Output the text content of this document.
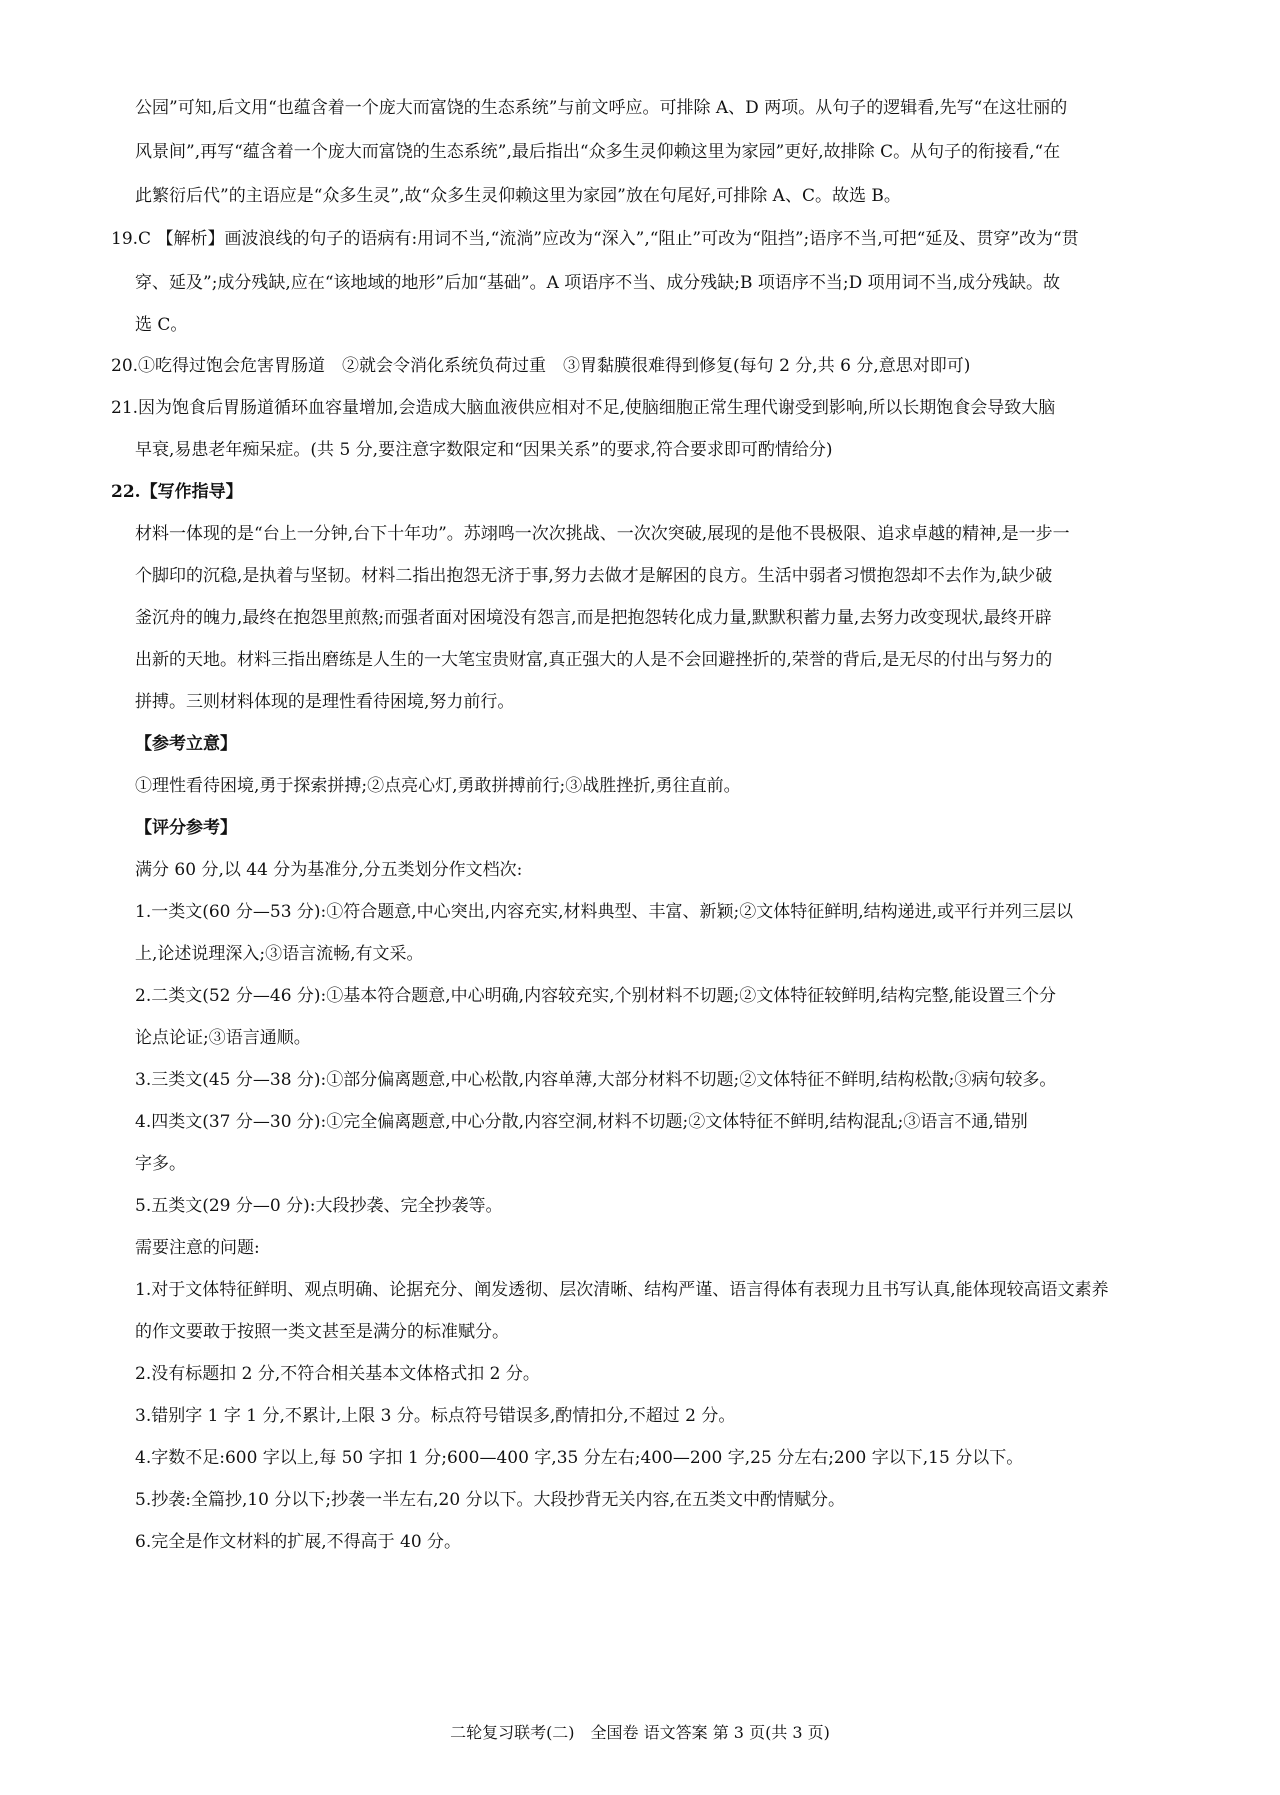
公园”可知,后文用“也蕴含着一个庞大而富饶的生态系统”与前文呼应。可排除 A、D 两项。从句子的逻辑看,先写“在这壮丽的
风景间”,再写“蕴含着一个庞大而富饶的生态系统”,最后指出“众多生灵仰赖这里为家园”更好,故排除 C。从句子的衔接看,“在
此繁衍后代”的主语应是“众多生灵”,故“众多生灵仰赖这里为家园”放在句尾好,可排除 A、C。故选 B。
19.C 【解析】画波浪线的句子的语病有:用词不当,“流淌”应改为“深入”,“阻止”可改为“阻挡”;语序不当,可把“延及、贯穿”改为“贯
穿、延及”;成分残缺,应在“该地域的地形”后加“基础”。A 项语序不当、成分残缺;B 项语序不当;D 项用词不当,成分残缺。故
选 C。
20.①吃得过饱会危害胃肠道　②就会令消化系统负荷过重　③胃黏膜很难得到修复(每句 2 分,共 6 分,意思对即可)
21.因为饱食后胃肠道循环血容量增加,会造成大脑血液供应相对不足,使脑细胞正常生理代谢受到影响,所以长期饱食会导致大脑
早衰,易患老年痴呆症。(共 5 分,要注意字数限定和“因果关系”的要求,符合要求即可酌情给分)
22.【写作指导】
材料一体现的是“台上一分钟,台下十年功”。苏翊鸣一次次挑战、一次次突破,展现的是他不畏极限、追求卓越的精神,是一步一
个脚印的沉稳,是执着与坚韧。材料二指出抱怨无济于事,努力去做才是解困的良方。生活中弱者习惯抱怨却不去作为,缺少破
釜沉舟的魄力,最终在抱怨里煎熬;而强者面对困境没有怨言,而是把抱怨转化成力量,默默积蓄力量,去努力改变现状,最终开辟
出新的天地。材料三指出磨练是人生的一大笔宝贵财富,真正强大的人是不会回避挫折的,荣誉的背后,是无尽的付出与努力的
拼搏。三则材料体现的是理性看待困境,努力前行。
【参考立意】
①理性看待困境,勇于探索拼搏;②点亮心灯,勇敢拼搏前行;③战胜挫折,勇往直前。
【评分参考】
满分 60 分,以 44 分为基准分,分五类划分作文档次:
1.一类文(60 分—53 分):①符合题意,中心突出,内容充实,材料典型、丰富、新颖;②文体特征鲜明,结构递进,或平行并列三层以
上,论述说理深入;③语言流畅,有文采。
2.二类文(52 分—46 分):①基本符合题意,中心明确,内容较充实,个别材料不切题;②文体特征较鲜明,结构完整,能设置三个分
论点论证;③语言通顺。
3.三类文(45 分—38 分):①部分偏离题意,中心松散,内容单薄,大部分材料不切题;②文体特征不鲜明,结构松散;③病句较多。
4.四类文(37 分—30 分):①完全偏离题意,中心分散,内容空洞,材料不切题;②文体特征不鲜明,结构混乱;③语言不通,错别
字多。
5.五类文(29 分—0 分):大段抄袭、完全抄袭等。
需要注意的问题:
1.对于文体特征鲜明、观点明确、论据充分、阐发透彻、层次清晰、结构严谨、语言得体有表现力且书写认真,能体现较高语文素养
的作文要敢于按照一类文甚至是满分的标准赋分。
2.没有标题扣 2 分,不符合相关基本文体格式扣 2 分。
3.错别字 1 字 1 分,不累计,上限 3 分。标点符号错误多,酌情扣分,不超过 2 分。
4.字数不足:600 字以上,每 50 字扣 1 分;600—400 字,35 分左右;400—200 字,25 分左右;200 字以下,15 分以下。
5.抄袭:全篇抄,10 分以下;抄袭一半左右,20 分以下。大段抄背无关内容,在五类文中酌情赋分。
6.完全是作文材料的扩展,不得高于 40 分。
二轮复习联考(二)　全国卷 语文答案 第 3 页(共 3 页)
